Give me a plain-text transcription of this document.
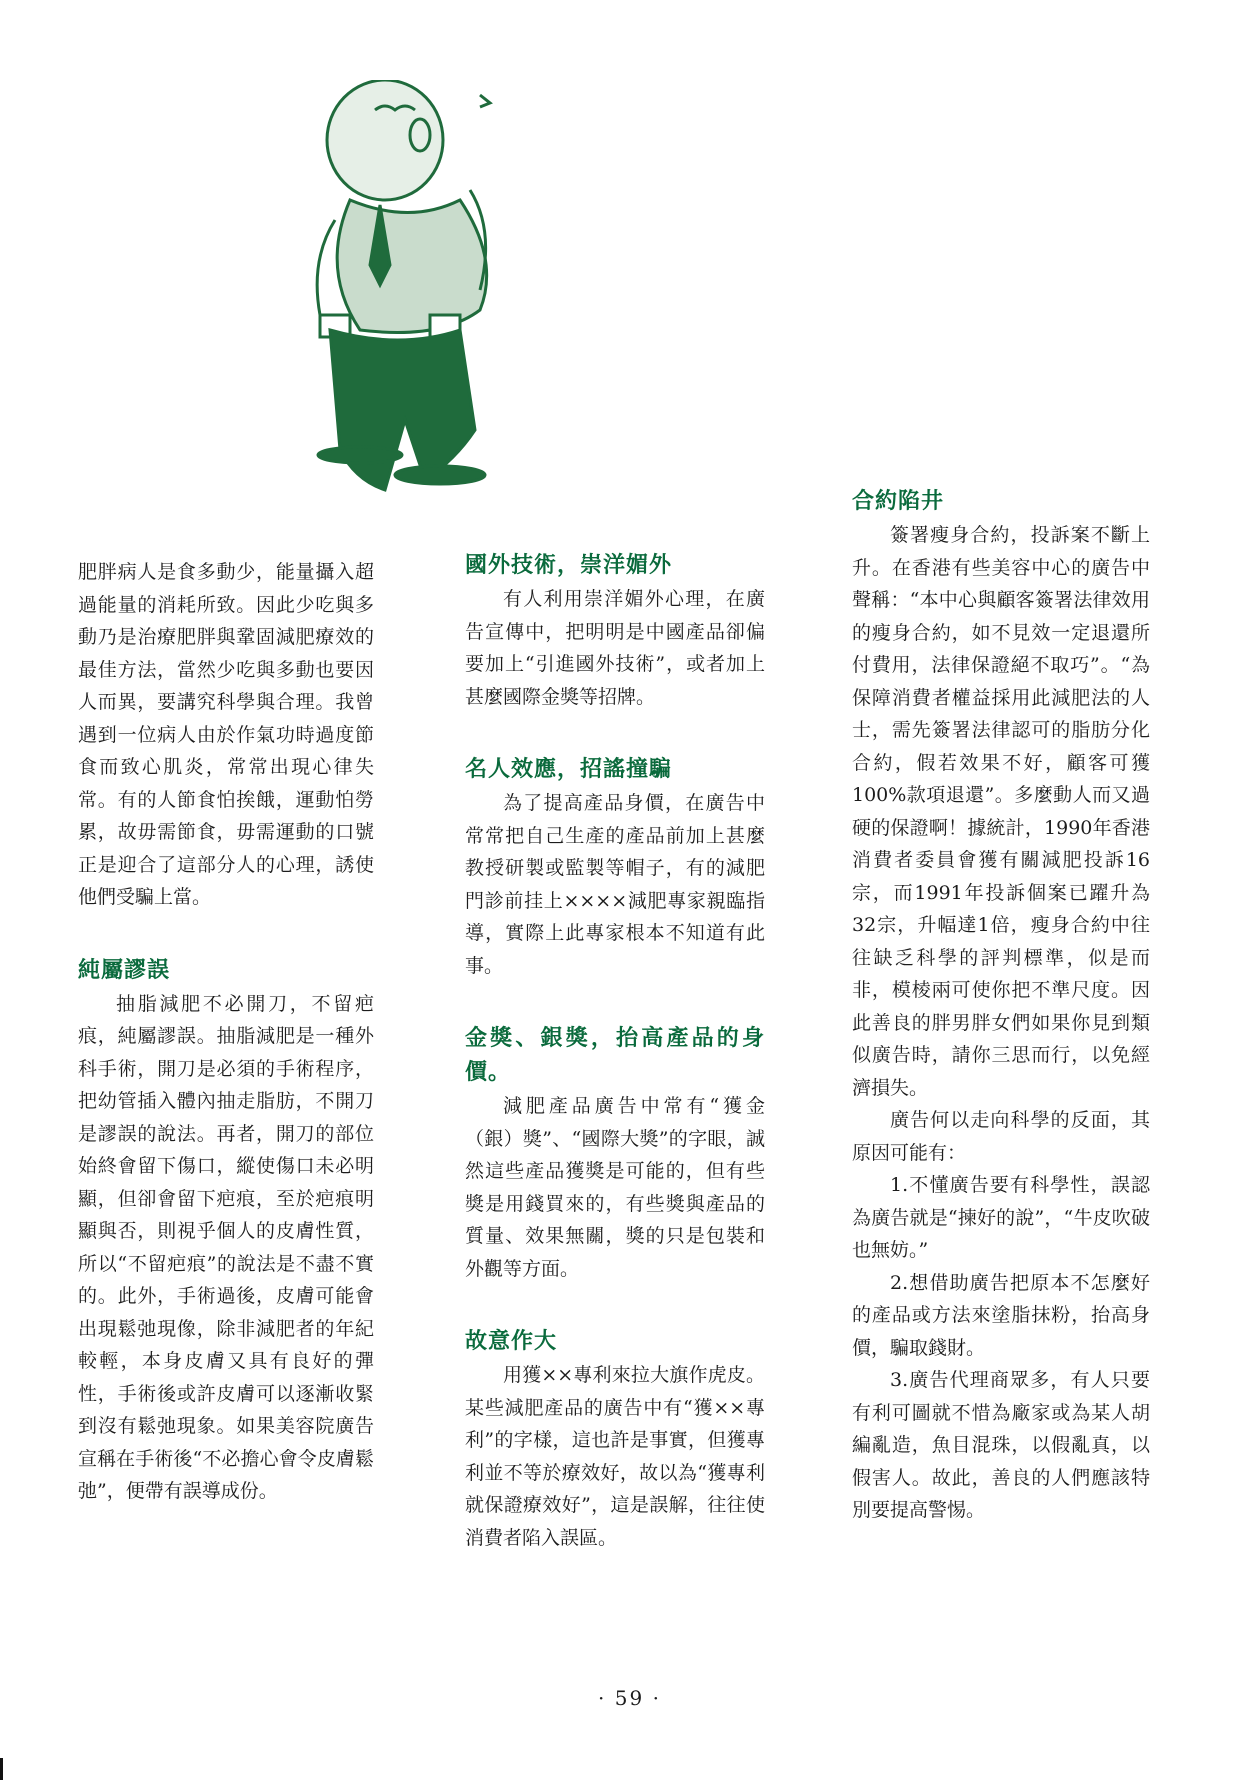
肥胖病人是食多動少，能量攝入超過能量的消耗所致。因此少吃與多動乃是治療肥胖與鞏固減肥療效的最佳方法，當然少吃與多動也要因人而異，要講究科學與合理。我曾遇到一位病人由於作氣功時過度節食而致心肌炎，常常出現心律失常。有的人節食怕挨餓，運動怕勞累，故毋需節食，毋需運動的口號正是迎合了這部分人的心理，誘使他們受騙上當。

純屬謬誤

抽脂減肥不必開刀，不留疤痕，純屬謬誤。抽脂減肥是一種外科手術，開刀是必須的手術程序，把幼管插入體內抽走脂肪，不開刀是謬誤的說法。再者，開刀的部位始終會留下傷口，縱使傷口未必明顯，但卻會留下疤痕，至於疤痕明顯與否，則視乎個人的皮膚性質，所以“不留疤痕”的說法是不盡不實的。此外，手術過後，皮膚可能會出現鬆弛現像，除非減肥者的年紀較輕，本身皮膚又具有良好的彈性，手術後或許皮膚可以逐漸收緊到沒有鬆弛現象。如果美容院廣告宣稱在手術後“不必擔心會令皮膚鬆弛”，便帶有誤導成份。

國外技術，崇洋媚外

有人利用崇洋媚外心理，在廣告宣傳中，把明明是中國產品卻偏要加上“引進國外技術”，或者加上甚麼國際金獎等招牌。

名人效應，招謠撞騙

為了提高產品身價，在廣告中常常把自己生產的產品前加上甚麼教授研製或監製等帽子，有的減肥門診前挂上××××減肥專家親臨指導，實際上此專家根本不知道有此事。

金獎、銀獎，抬高產品的身價。

減肥產品廣告中常有“獲金（銀）獎”、“國際大獎”的字眼，誠然這些產品獲獎是可能的，但有些獎是用錢買來的，有些獎與產品的質量、效果無關，獎的只是包裝和外觀等方面。

故意作大

用獲××專利來拉大旗作虎皮。某些減肥產品的廣告中有“獲××專利”的字樣，這也許是事實，但獲專利並不等於療效好，故以為“獲專利就保證療效好”，這是誤解，往往使消費者陷入誤區。

合約陷井

簽署瘦身合約，投訴案不斷上升。在香港有些美容中心的廣告中聲稱：“本中心與顧客簽署法律效用的瘦身合約，如不見效一定退還所付費用，法律保證絕不取巧”。“為保障消費者權益採用此減肥法的人士，需先簽署法律認可的脂肪分化合約，假若效果不好，顧客可獲100%款項退還”。多麼動人而又過硬的保證啊！據統計，1990年香港消費者委員會獲有關減肥投訴16宗，而1991年投訴個案已躍升為32宗，升幅達1倍，瘦身合約中往往缺乏科學的評判標準，似是而非，模棱兩可使你把不準尺度。因此善良的胖男胖女們如果你見到類似廣告時，請你三思而行，以免經濟損失。

廣告何以走向科學的反面，其原因可能有：

1.不懂廣告要有科學性，誤認為廣告就是“揀好的說”，“牛皮吹破也無妨。”

2.想借助廣告把原本不怎麼好的產品或方法來塗脂抹粉，抬高身價，騙取錢財。

3.廣告代理商眾多，有人只要有利可圖就不惜為廠家或為某人胡編亂造，魚目混珠，以假亂真，以假害人。故此，善良的人們應該特別要提高警惕。

· 59 ·
